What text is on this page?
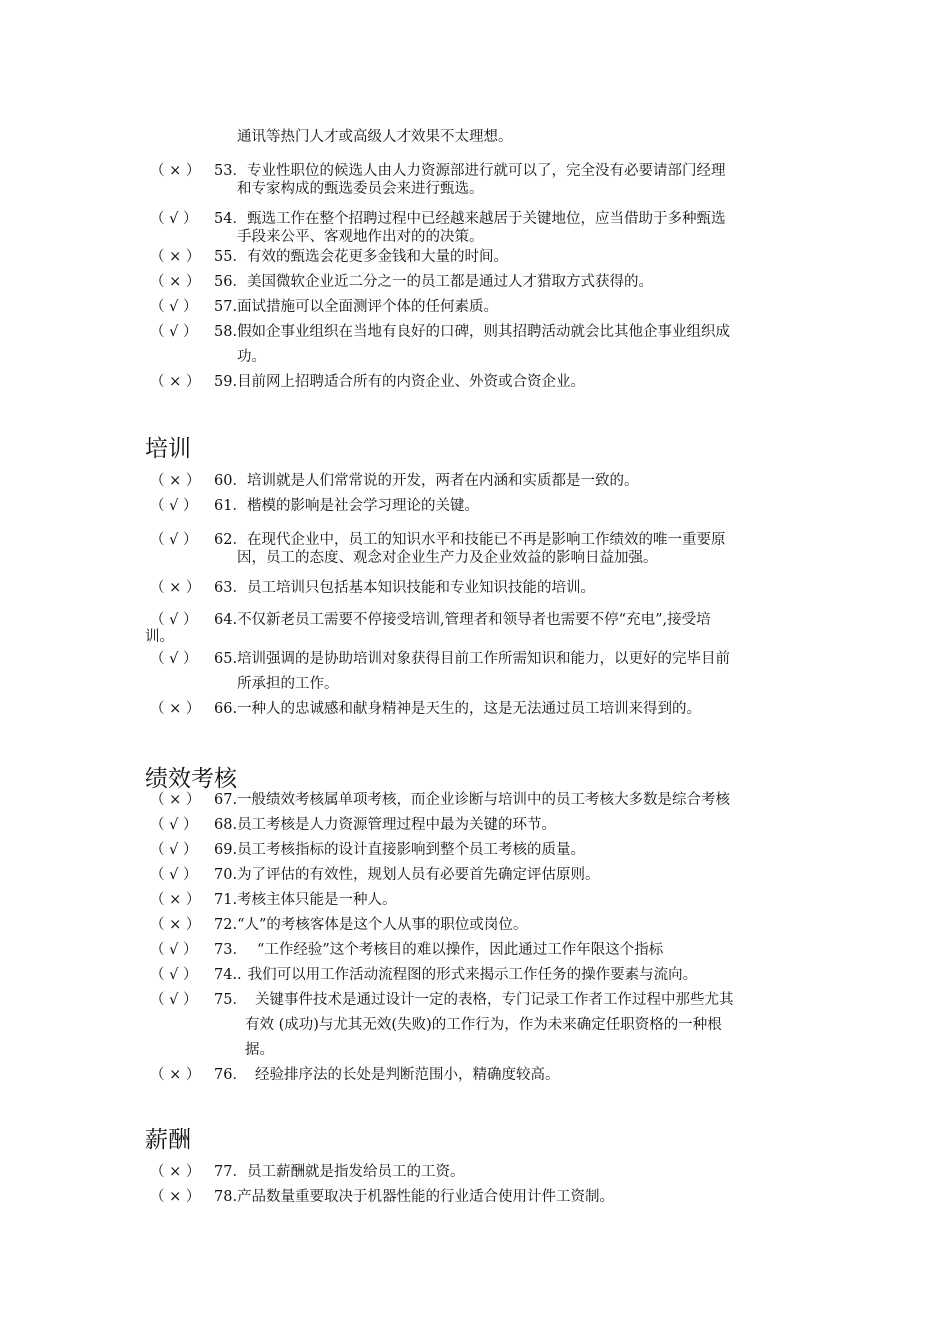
通讯等热门人才或高级人才效果不太理想。
（ × ） 53．专业性职位的候选人由人力资源部进行就可以了，完全没有必要请部门经理
和专家构成的甄选委员会来进行甄选。
（ √ ） 54．甄选工作在整个招聘过程中已经越来越居于关键地位，应当借助于多种甄选
手段来公平、客观地作出对的的决策。
（ × ） 55．有效的甄选会花更多金钱和大量的时间。
（ × ） 56．美国微软企业近二分之一的员工都是通过人才猎取方式获得的。
（ √ ） 57.面试措施可以全面测评个体的任何素质。
（ √ ） 58.假如企事业组织在当地有良好的口碑，则其招聘活动就会比其他企事业组织成
功。
（ × ） 59.目前网上招聘适合所有的内资企业、外资或合资企业。
培训
（ × ） 60．培训就是人们常常说的开发，两者在内涵和实质都是一致的。
（ √ ） 61．楷模的影响是社会学习理论的关键。
（ √ ） 62．在现代企业中，员工的知识水平和技能已不再是影响工作绩效的唯一重要原
因，员工的态度、观念对企业生产力及企业效益的影响日益加强。
（ × ） 63．员工培训只包括基本知识技能和专业知识技能的培训。
（ √ ） 64.不仅新老员工需要不停接受培训,管理者和领导者也需要不停“充电”,接受培
训。
（ √ ） 65.培训强调的是协助培训对象获得目前工作所需知识和能力，以更好的完毕目前
所承担的工作。
（ × ） 66.一种人的忠诚感和献身精神是天生的，这是无法通过员工培训来得到的。
绩效考核
（ × ） 67.一般绩效考核属单项考核，而企业诊断与培训中的员工考核大多数是综合考核
（ √ ） 68.员工考核是人力资源管理过程中最为关键的环节。
（ √ ） 69.员工考核指标的设计直接影响到整个员工考核的质量。
（ √ ） 70.为了评估的有效性，规划人员有必要首先确定评估原则。
（ × ） 71.考核主体只能是一种人。
（ × ） 72.“人”的考核客体是这个人从事的职位或岗位。
（ √ ） 73． “工作经验”这个考核目的难以操作，因此通过工作年限这个指标
（ √ ） 74.. 我们可以用工作活动流程图的形式来揭示工作任务的操作要素与流向。
（ √ ） 75． 关键事件技术是通过设计一定的表格，专门记录工作者工作过程中那些尤其
有效 (成功)与尤其无效(失败)的工作行为，作为未来确定任职资格的一种根
据。
（ × ） 76． 经验排序法的长处是判断范围小，精确度较高。
薪酬
（ × ） 77．员工薪酬就是指发给员工的工资。
（ × ） 78.产品数量重要取决于机器性能的行业适合使用计件工资制。
